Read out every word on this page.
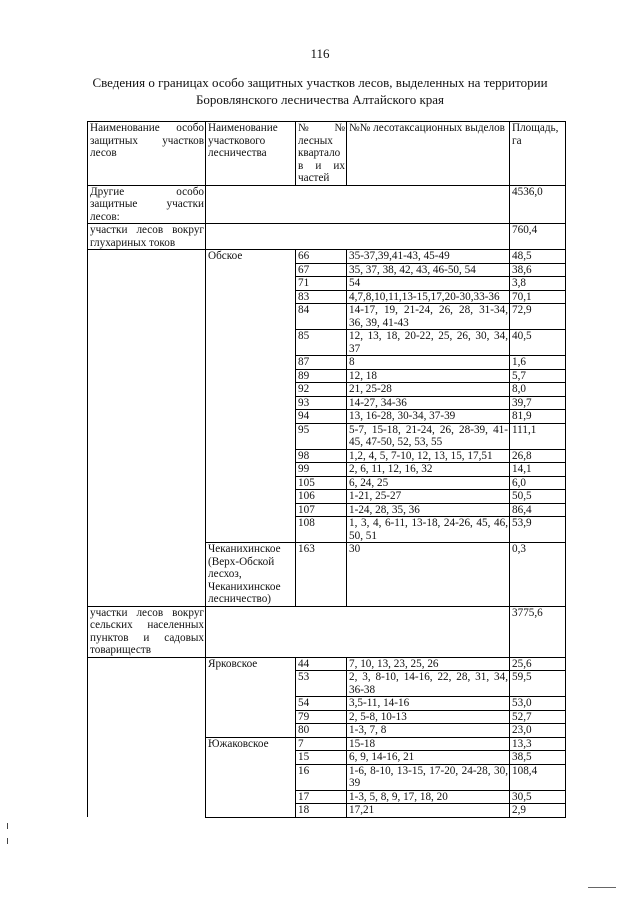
116
Сведения о границах особо защитных участков лесов, выделенных на территории
Боровлянского лесничества Алтайского края
Наименование особо защитных участков лесов	Наименование участкового лесничества	№№ лесных квартало в и их частей	№№ лесотаксационных выделов	Площадь, га
Другие особо защитные участки лесов:				4536,0
участки лесов вокруг глухариных токов				760,4
	Обское	66	35-37,39,41-43, 45-49	48,5
		67	35, 37, 38, 42, 43, 46-50, 54	38,6
		71	54	3,8
		83	4,7,8,10,11,13-15,17,20-30,33-36	70,1
		84	14-17, 19, 21-24, 26, 28, 31-34, 36, 39, 41-43	72,9
		85	12, 13, 18, 20-22, 25, 26, 30, 34, 37	40,5
		87	8	1,6
		89	12, 18	5,7
		92	21, 25-28	8,0
		93	14-27, 34-36	39,7
		94	13, 16-28, 30-34, 37-39	81,9
		95	5-7, 15-18, 21-24, 26, 28-39, 41-45, 47-50, 52, 53, 55	111,1
		98	1,2, 4, 5, 7-10, 12, 13, 15, 17,51	26,8
		99	2, 6, 11, 12, 16, 32	14,1
		105	6, 24, 25	6,0
		106	1-21, 25-27	50,5
		107	1-24, 28, 35, 36	86,4
		108	1, 3, 4, 6-11, 13-18, 24-26, 45, 46, 50, 51	53,9
	Чеканихинское (Верх-Обской лесхоз, Чеканихинское лесничество)	163	30	0,3
участки лесов вокруг сельских населенных пунктов и садовых товариществ				3775,6
	Ярковское	44	7, 10, 13, 23, 25, 26	25,6
		53	2, 3, 8-10, 14-16, 22, 28, 31, 34, 36-38	59,5
		54	3,5-11, 14-16	53,0
		79	2, 5-8, 10-13	52,7
		80	1-3, 7, 8	23,0
	Южаковское	7	15-18	13,3
		15	6, 9, 14-16, 21	38,5
		16	1-6, 8-10, 13-15, 17-20, 24-28, 30, 39	108,4
		17	1-3, 5, 8, 9, 17, 18, 20	30,5
		18	17,21	2,9
